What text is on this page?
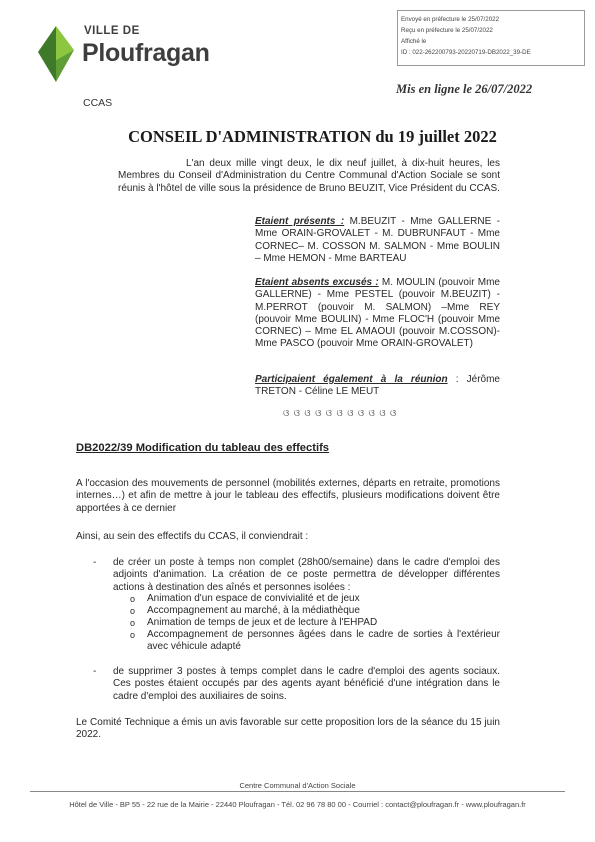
VILLE DE
Ploufragan
Envoyé en préfecture le 25/07/2022
Reçu en préfecture le 25/07/2022
Affiché le
ID : 022-262200793-20220719-DB2022_39-DE
Mis en ligne le 26/07/2022
CCAS
CONSEIL D'ADMINISTRATION du 19 juillet 2022
L'an deux mille vingt deux, le dix neuf juillet, à dix-huit heures, les Membres du Conseil d'Administration du Centre Communal d'Action Sociale se sont réunis à l'hôtel de ville sous la présidence de Bruno BEUZIT, Vice Président du CCAS.
Etaient présents : M.BEUZIT - Mme GALLERNE - Mme ORAIN-GROVALET - M. DUBRUNFAUT - Mme CORNEC– M. COSSON M. SALMON - Mme BOULIN – Mme HEMON - Mme BARTEAU
Etaient absents excusés : M. MOULIN (pouvoir Mme GALLERNE) - Mme PESTEL (pouvoir M.BEUZIT) - M.PERROT (pouvoir M. SALMON) –Mme REY (pouvoir Mme BOULIN) - Mme FLOC'H (pouvoir Mme CORNEC) – Mme EL AMAOUI (pouvoir M.COSSON)- Mme PASCO (pouvoir Mme ORAIN-GROVALET)
Participaient également à la réunion : Jérôme TRETON - Céline LE MEUT
ଓ ଓ ଓ ଓ ଓ ଓ ଓ ଓ ଓ ଓ ଓ
DB2022/39 Modification du tableau des effectifs
A l'occasion des mouvements de personnel (mobilités externes, départs en retraite, promotions internes…) et afin de mettre à jour le tableau des effectifs, plusieurs modifications doivent être apportées à ce dernier
Ainsi, au sein des effectifs du CCAS, il conviendrait :
- de créer un poste à temps non complet (28h00/semaine) dans le cadre d'emploi des adjoints d'animation. La création de ce poste permettra de développer différentes actions à destination des aînés et personnes isolées :
o Animation d'un espace de convivialité et de jeux
o Accompagnement au marché, à la médiathèque
o Animation de temps de jeux et de lecture à l'EHPAD
o Accompagnement de personnes âgées dans le cadre de sorties à l'extérieur avec véhicule adapté
- de supprimer 3 postes à temps complet dans le cadre d'emploi des agents sociaux. Ces postes étaient occupés par des agents ayant bénéficié d'une intégration dans le cadre d'emploi des auxiliaires de soins.
Le Comité Technique a émis un avis favorable sur cette proposition lors de la séance du 15 juin 2022.
Centre Communal d'Action Sociale
Hôtel de Ville - BP 55 - 22 rue de la Mairie - 22440 Ploufragan - Tél. 02 96 78 80 00 - Courriel : contact@ploufragan.fr - www.ploufragan.fr
